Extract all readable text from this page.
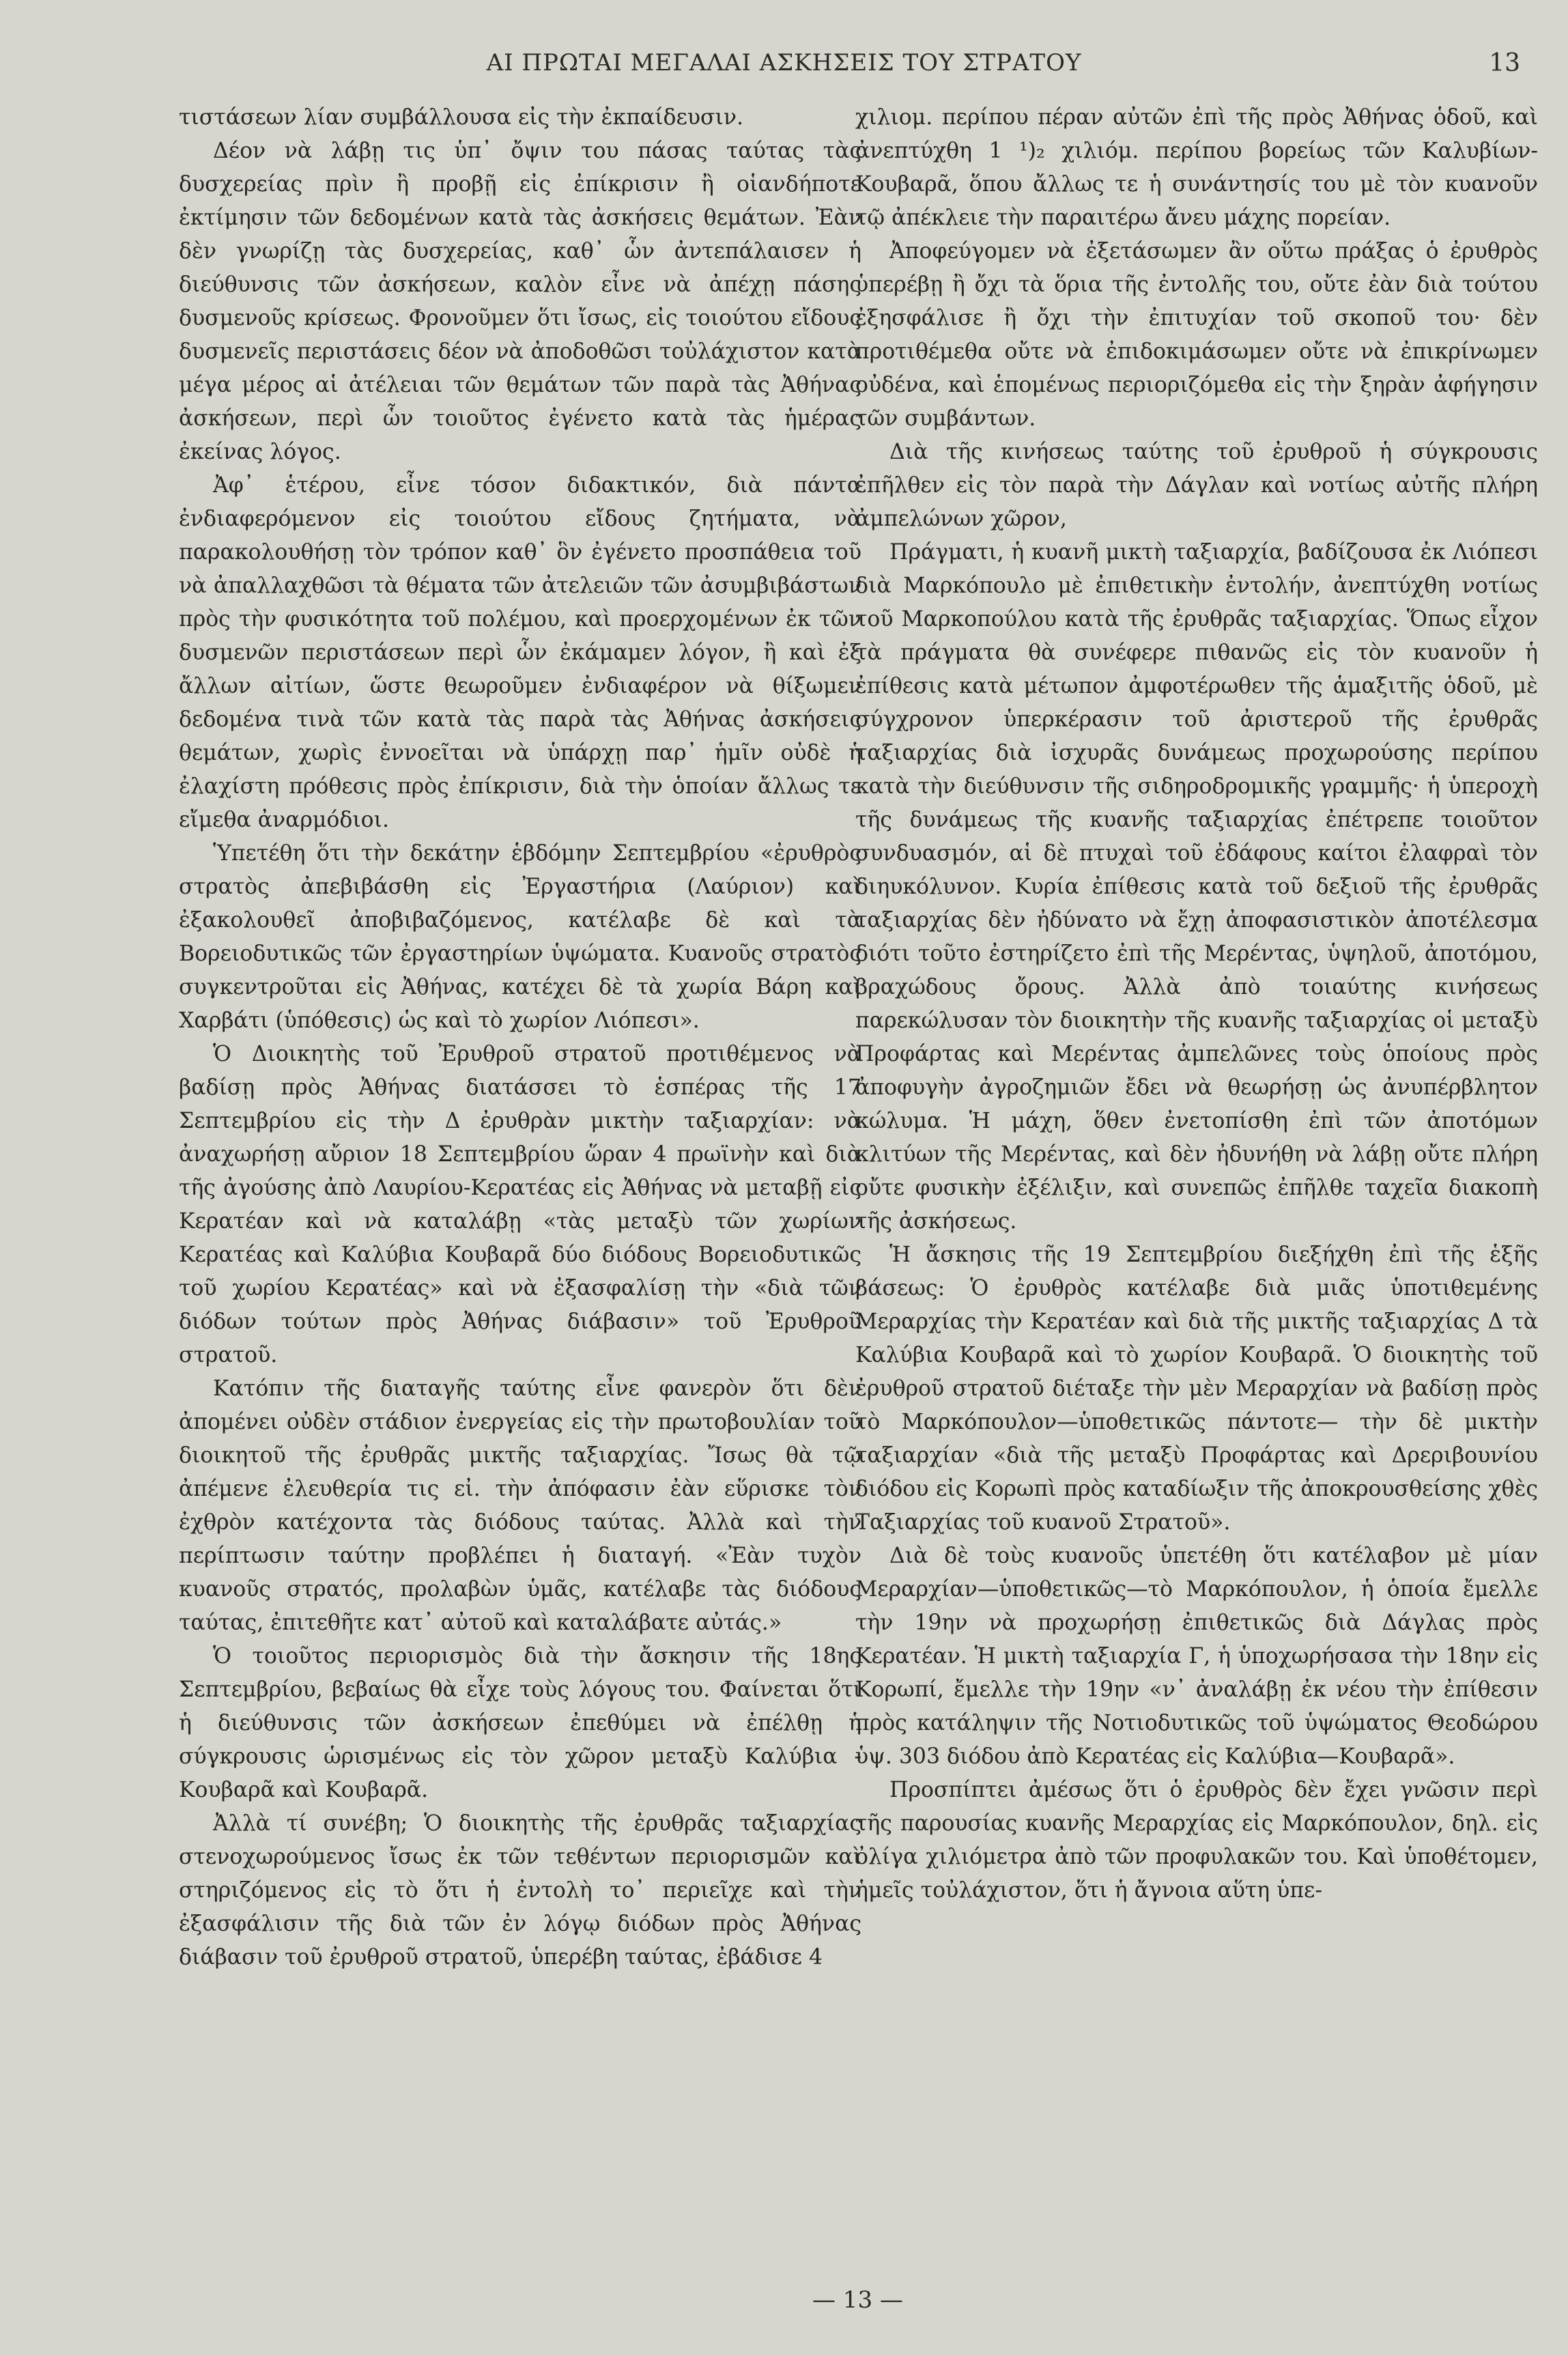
ΑΙ ΠΡΩΤΑΙ ΜΕΓΑΛΑΙ ΑΣΚΗΣΕΙΣ ΤΟΥ ΣΤΡΑΤΟΥ	13

τιστάσεων λίαν συμβάλλουσα εἰς τὴν ἐκπαίδευσιν.

Δέον νὰ λάβῃ τις ὑπ᾽ ὄψιν του πάσας ταύτας τὰς δυσχερείας πρὶν ἢ προβῇ εἰς ἐπίκρισιν ἢ οἱανδήποτε ἐκτίμησιν τῶν δεδομένων κατὰ τὰς ἀσκήσεις θεμάτων. Ἐὰν δὲν γνωρίζῃ τὰς δυσχερείας, καθ᾽ ὧν ἀντεπάλαισεν ἡ διεύθυνσις τῶν ἀσκήσεων, καλὸν εἶνε νὰ ἀπέχῃ πάσης δυσμενοῦς κρίσεως. Φρονοῦμεν ὅτι ἴσως, εἰς τοιούτου εἴδους δυσμενεῖς περιστάσεις δέον νὰ ἀποδοθῶσι τοὐλάχιστον κατὰ μέγα μέρος αἱ ἀτέλειαι τῶν θεμάτων τῶν παρὰ τὰς Ἀθήνας ἀσκήσεων, περὶ ὧν τοιοῦτος ἐγένετο κατὰ τὰς ἡμέρας ἐκείνας λόγος.

Ἀφ᾽ ἑτέρου, εἶνε τόσον διδακτικόν, διὰ πάντα ἐνδιαφερόμενον εἰς τοιούτου εἴδους ζητήματα, νὰ παρακολουθήσῃ τὸν τρόπον καθ᾽ ὃν ἐγένετο προσπάθεια τοῦ νὰ ἀπαλλαχθῶσι τὰ θέματα τῶν ἀτελειῶν τῶν ἀσυμβιβάστων πρὸς τὴν φυσικότητα τοῦ πολέμου, καὶ προερχομένων ἐκ τῶν δυσμενῶν περιστάσεων περὶ ὧν ἐκάμαμεν λόγον, ἢ καὶ ἐξ ἄλλων αἰτίων, ὥστε θεωροῦμεν ἐνδιαφέρον νὰ θίξωμεν δεδομένα τινὰ τῶν κατὰ τὰς παρὰ τὰς Ἀθήνας ἀσκήσεις θεμάτων, χωρὶς ἐννοεῖται νὰ ὑπάρχῃ παρ᾽ ἡμῖν οὐδὲ ἡ ἐλαχίστη πρόθεσις πρὸς ἐπίκρισιν, διὰ τὴν ὁποίαν ἄλλως τε εἴμεθα ἀναρμόδιοι.

Ὑπετέθη ὅτι τὴν δεκάτην ἑβδόμην Σεπτεμβρίου «ἐρυθρὸς στρατὸς ἀπεβιβάσθη εἰς Ἐργαστήρια (Λαύριον) καὶ ἐξακολουθεῖ ἀποβιβαζόμενος, κατέλαβε δὲ καὶ τὰ Βορειοδυτικῶς τῶν ἐργαστηρίων ὑψώματα. Κυανοῦς στρατὸς συγκεντροῦται εἰς Ἀθήνας, κατέχει δὲ τὰ χωρία Βάρη καὶ Χαρβάτι (ὑπόθεσις) ὡς καὶ τὸ χωρίον Λιόπεσι».

Ὁ Διοικητὴς τοῦ Ἐρυθροῦ στρατοῦ προτιθέμενος νὰ βαδίσῃ πρὸς Ἀθήνας διατάσσει τὸ ἑσπέρας τῆς 17 Σεπτεμβρίου εἰς τὴν Δ ἐρυθρὰν μικτὴν ταξιαρχίαν: νὰ ἀναχωρήσῃ αὔριον 18 Σεπτεμβρίου ὥραν 4 πρωϊνὴν καὶ διὰ τῆς ἀγούσης ἀπὸ Λαυρίου-Κερατέας εἰς Ἀθήνας νὰ μεταβῇ εἰς Κερατέαν καὶ νὰ καταλάβῃ «τὰς μεταξὺ τῶν χωρίων Κερατέας καὶ Καλύβια Κουβαρᾶ δύο διόδους Βορειοδυτικῶς τοῦ χωρίου Κερατέας» καὶ νὰ ἐξασφαλίσῃ τὴν «διὰ τῶν διόδων τούτων πρὸς Ἀθήνας διάβασιν» τοῦ Ἐρυθροῦ στρατοῦ.

Κατόπιν τῆς διαταγῆς ταύτης εἶνε φανερὸν ὅτι δὲν ἀπομένει οὐδὲν στάδιον ἐνεργείας εἰς τὴν πρωτοβουλίαν τοῦ διοικητοῦ τῆς ἐρυθρᾶς μικτῆς ταξιαρχίας. Ἴσως θὰ τῷ ἀπέμενε ἐλευθερία τις εἰ. τὴν ἀπόφασιν ἐὰν εὕρισκε τὸν ἐχθρὸν κατέχοντα τὰς διόδους ταύτας. Ἀλλὰ καὶ τὴν περίπτωσιν ταύτην προβλέπει ἡ διαταγή. «Ἐὰν τυχὸν κυανοῦς στρατός, προλαβὼν ὑμᾶς, κατέλαβε τὰς διόδους ταύτας, ἐπιτεθῆτε κατ᾽ αὐτοῦ καὶ καταλάβατε αὐτάς.»

Ὁ τοιοῦτος περιορισμὸς διὰ τὴν ἄσκησιν τῆς 18ης Σεπτεμβρίου, βεβαίως θὰ εἶχε τοὺς λόγους του. Φαίνεται ὅτι ἡ διεύθυνσις τῶν ἀσκήσεων ἐπεθύμει νὰ ἐπέλθῃ ἡ σύγκρουσις ὡρισμένως εἰς τὸν χῶρον μεταξὺ Καλύβια - Κουβαρᾶ καὶ Κουβαρᾶ.

Ἀλλὰ τί συνέβη; Ὁ διοικητὴς τῆς ἐρυθρᾶς ταξιαρχίας στενοχωρούμενος ἴσως ἐκ τῶν τεθέντων περιορισμῶν καὶ στηριζόμενος εἰς τὸ ὅτι ἡ ἐντολὴ το᾽ περιεῖχε καὶ τὴν ἐξασφάλισιν τῆς διὰ τῶν ἐν λόγῳ διόδων πρὸς Ἀθήνας διάβασιν τοῦ ἐρυθροῦ στρατοῦ, ὑπερέβη ταύτας, ἐβάδισε 4

χιλιομ. περίπου πέραν αὐτῶν ἐπὶ τῆς πρὸς Ἀθήνας ὁδοῦ, καὶ ἀνεπτύχθη 1 ¹)₂ χιλιόμ. περίπου βορείως τῶν Καλυβίων-Κουβαρᾶ, ὅπου ἄλλως τε ἡ συνάντησίς του μὲ τὸν κυανοῦν τῷ ἀπέκλειε τὴν παραιτέρω ἄνευ μάχης πορείαν.

Ἀποφεύγομεν νὰ ἐξετάσωμεν ἂν οὕτω πράξας ὁ ἐρυθρὸς ὑπερέβῃ ἢ ὄχι τὰ ὅρια τῆς ἐντολῆς του, οὔτε ἐὰν διὰ τούτου ἐξησφάλισε ἢ ὄχι τὴν ἐπιτυχίαν τοῦ σκοποῦ του· δὲν προτιθέμεθα οὔτε νὰ ἐπιδοκιμάσωμεν οὔτε νὰ ἐπικρίνωμεν οὐδένα, καὶ ἑπομένως περιοριζόμεθα εἰς τὴν ξηρὰν ἀφήγησιν τῶν συμβάντων.

Διὰ τῆς κινήσεως ταύτης τοῦ ἐρυθροῦ ἡ σύγκρουσις ἐπῆλθεν εἰς τὸν παρὰ τὴν Δάγλαν καὶ νοτίως αὐτῆς πλήρη ἀμπελώνων χῶρον,

Πράγματι, ἡ κυανῆ μικτὴ ταξιαρχία, βαδίζουσα ἐκ Λιόπεσι διὰ Μαρκόπουλο μὲ ἐπιθετικὴν ἐντολήν, ἀνεπτύχθη νοτίως τοῦ Μαρκοπούλου κατὰ τῆς ἐρυθρᾶς ταξιαρχίας. Ὅπως εἶχον τὰ πράγματα θὰ συνέφερε πιθανῶς εἰς τὸν κυανοῦν ἡ ἐπίθεσις κατὰ μέτωπον ἀμφοτέρωθεν τῆς ἁμαξιτῆς ὁδοῦ, μὲ σύγχρονον ὑπερκέρασιν τοῦ ἀριστεροῦ τῆς ἐρυθρᾶς ταξιαρχίας διὰ ἰσχυρᾶς δυνάμεως προχωρούσης περίπου κατὰ τὴν διεύθυνσιν τῆς σιδηροδρομικῆς γραμμῆς· ἡ ὑπεροχὴ τῆς δυνάμεως τῆς κυανῆς ταξιαρχίας ἐπέτρεπε τοιοῦτον συνδυασμόν, αἱ δὲ πτυχαὶ τοῦ ἐδάφους καίτοι ἐλαφραὶ τὸν διηυκόλυνον. Κυρία ἐπίθεσις κατὰ τοῦ δεξιοῦ τῆς ἐρυθρᾶς ταξιαρχίας δὲν ἠδύνατο νὰ ἔχῃ ἀποφασιστικὸν ἀποτέλεσμα διότι τοῦτο ἐστηρίζετο ἐπὶ τῆς Μερέντας, ὑψηλοῦ, ἀποτόμου, βραχώδους ὄρους. Ἀλλὰ ἀπὸ τοιαύτης κινήσεως παρεκώλυσαν τὸν διοικητὴν τῆς κυανῆς ταξιαρχίας οἱ μεταξὺ Προφάρτας καὶ Μερέντας ἀμπελῶνες τοὺς ὁποίους πρὸς ἀποφυγὴν ἀγροζημιῶν ἔδει νὰ θεωρήσῃ ὡς ἀνυπέρβλητον κώλυμα. Ἡ μάχη, ὅθεν ἐνετοπίσθη ἐπὶ τῶν ἀποτόμων κλιτύων τῆς Μερέντας, καὶ δὲν ἠδυνήθη νὰ λάβῃ οὔτε πλήρη οὔτε φυσικὴν ἐξέλιξιν, καὶ συνεπῶς ἐπῆλθε ταχεῖα διακοπὴ τῆς ἀσκήσεως.

Ἡ ἄσκησις τῆς 19 Σεπτεμβρίου διεξήχθη ἐπὶ τῆς ἑξῆς βάσεως: Ὁ ἐρυθρὸς κατέλαβε διὰ μιᾶς ὑποτιθεμένης Μεραρχίας τὴν Κερατέαν καὶ διὰ τῆς μικτῆς ταξιαρχίας Δ τὰ Καλύβια Κουβαρᾶ καὶ τὸ χωρίον Κουβαρᾶ. Ὁ διοικητὴς τοῦ ἐρυθροῦ στρατοῦ διέταξε τὴν μὲν Μεραρχίαν νὰ βαδίσῃ πρὸς τὸ Μαρκόπουλον—ὑποθετικῶς πάντοτε— τὴν δὲ μικτὴν ταξιαρχίαν «διὰ τῆς μεταξὺ Προφάρτας καὶ Δρεριβουνίου διόδου εἰς Κορωπὶ πρὸς καταδίωξιν τῆς ἀποκρουσθείσης χθὲς Ταξιαρχίας τοῦ κυανοῦ Στρατοῦ».

Διὰ δὲ τοὺς κυανοῦς ὑπετέθη ὅτι κατέλαβον μὲ μίαν Μεραρχίαν—ὑποθετικῶς—τὸ Μαρκόπουλον, ἡ ὁποία ἔμελλε τὴν 19ην νὰ προχωρήσῃ ἐπιθετικῶς διὰ Δάγλας πρὸς Κερατέαν. Ἡ μικτὴ ταξιαρχία Γ, ἡ ὑποχωρήσασα τὴν 18ην εἰς Κορωπί, ἔμελλε τὴν 19ην «ν᾽ ἀναλάβῃ ἐκ νέου τὴν ἐπίθεσιν πρὸς κατάληψιν τῆς Νοτιοδυτικῶς τοῦ ὑψώματος Θεοδώρου ὑψ. 303 διόδου ἀπὸ Κερατέας εἰς Καλύβια—Κουβαρᾶ».

Προσπίπτει ἀμέσως ὅτι ὁ ἐρυθρὸς δὲν ἔχει γνῶσιν περὶ τῆς παρουσίας κυανῆς Μεραρχίας εἰς Μαρκόπουλον, δηλ. εἰς ὀλίγα χιλιόμετρα ἀπὸ τῶν προφυλακῶν του. Καὶ ὑποθέτομεν, ἡμεῖς τοὐλάχιστον, ὅτι ἡ ἄγνοια αὕτη ὑπε-

— 13 —
